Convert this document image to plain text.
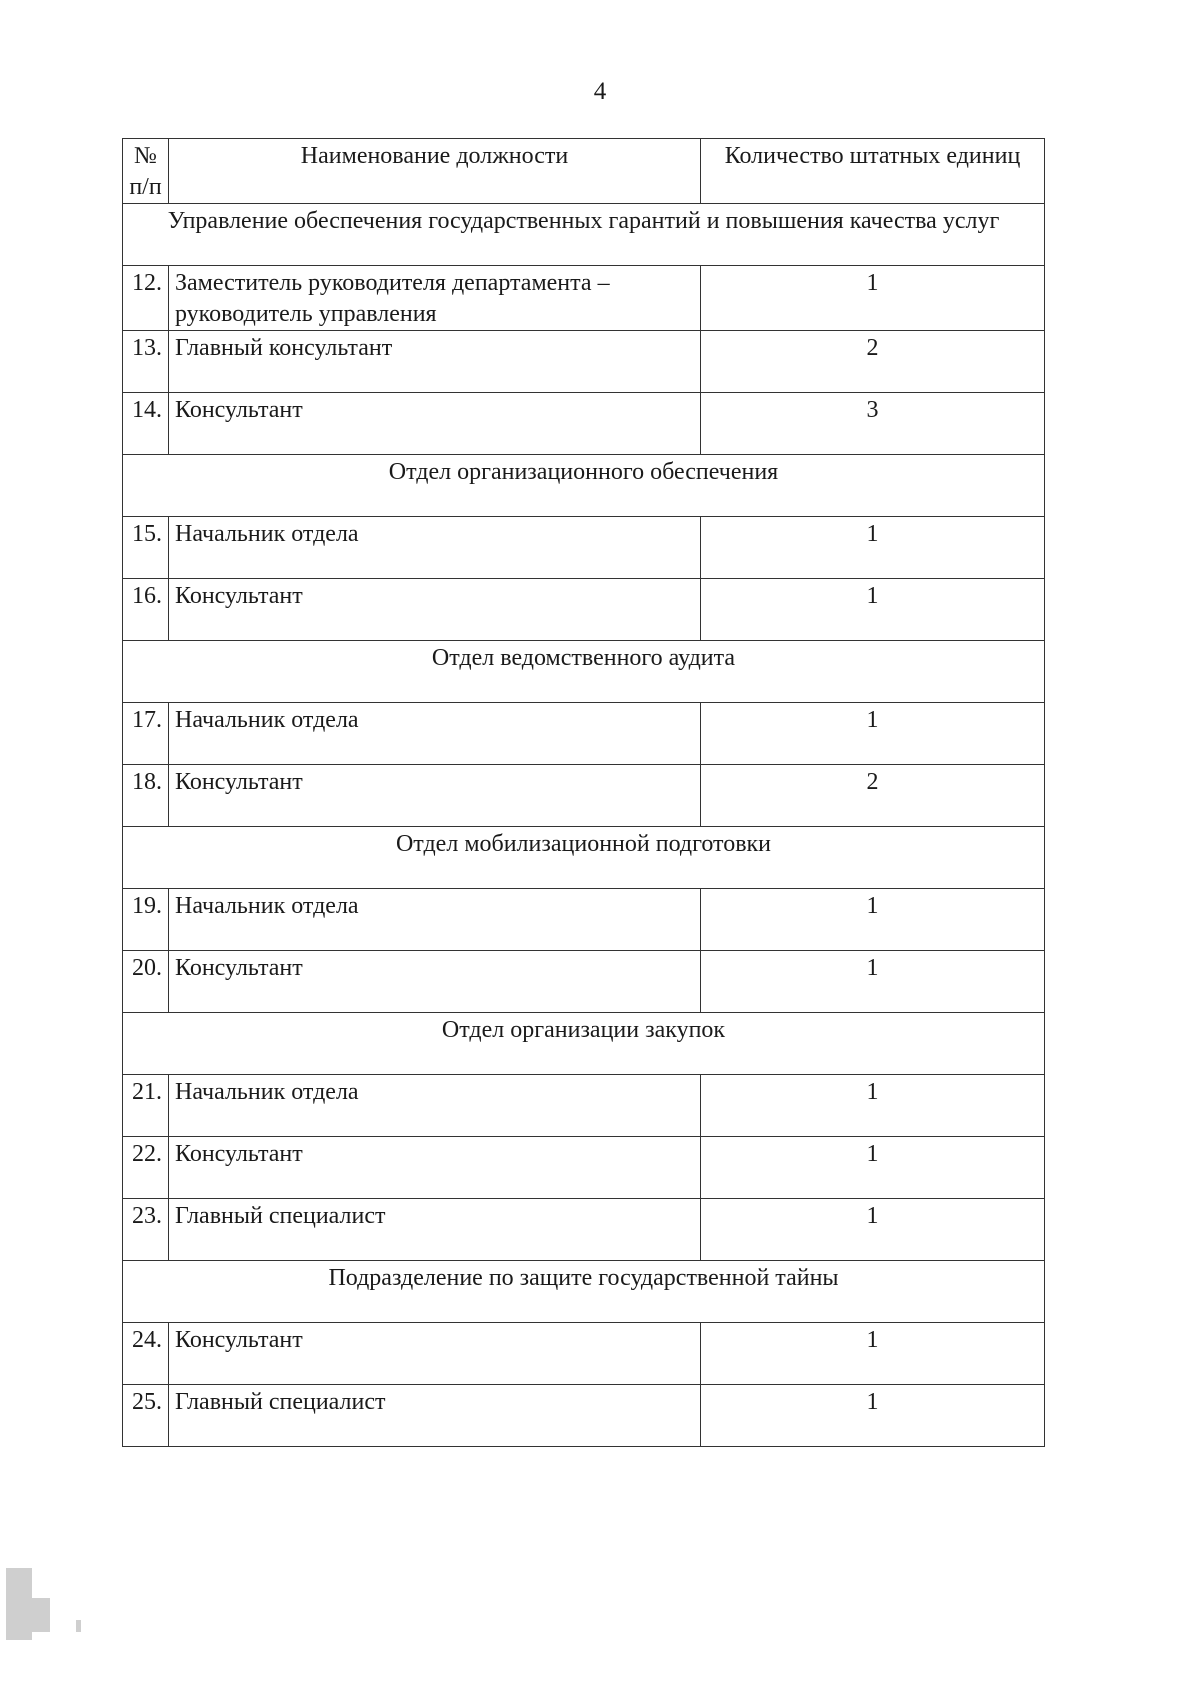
4
№ п/п	Наименование должности	Количество штатных единиц
Управление обеспечения государственных гарантий и повышения качества услуг		
12.	Заместитель руководителя департамента – руководитель управления	1
13.	Главный консультант	2
14.	Консультант	3
Отдел организационного обеспечения		
15.	Начальник отдела	1
16.	Консультант	1
Отдел ведомственного аудита		
17.	Начальник отдела	1
18.	Консультант	2
Отдел мобилизационной подготовки		
19.	Начальник отдела	1
20.	Консультант	1
Отдел организации закупок		
21.	Начальник отдела	1
22.	Консультант	1
23.	Главный специалист	1
Подразделение по защите государственной тайны		
24.	Консультант	1
25.	Главный специалист	1
